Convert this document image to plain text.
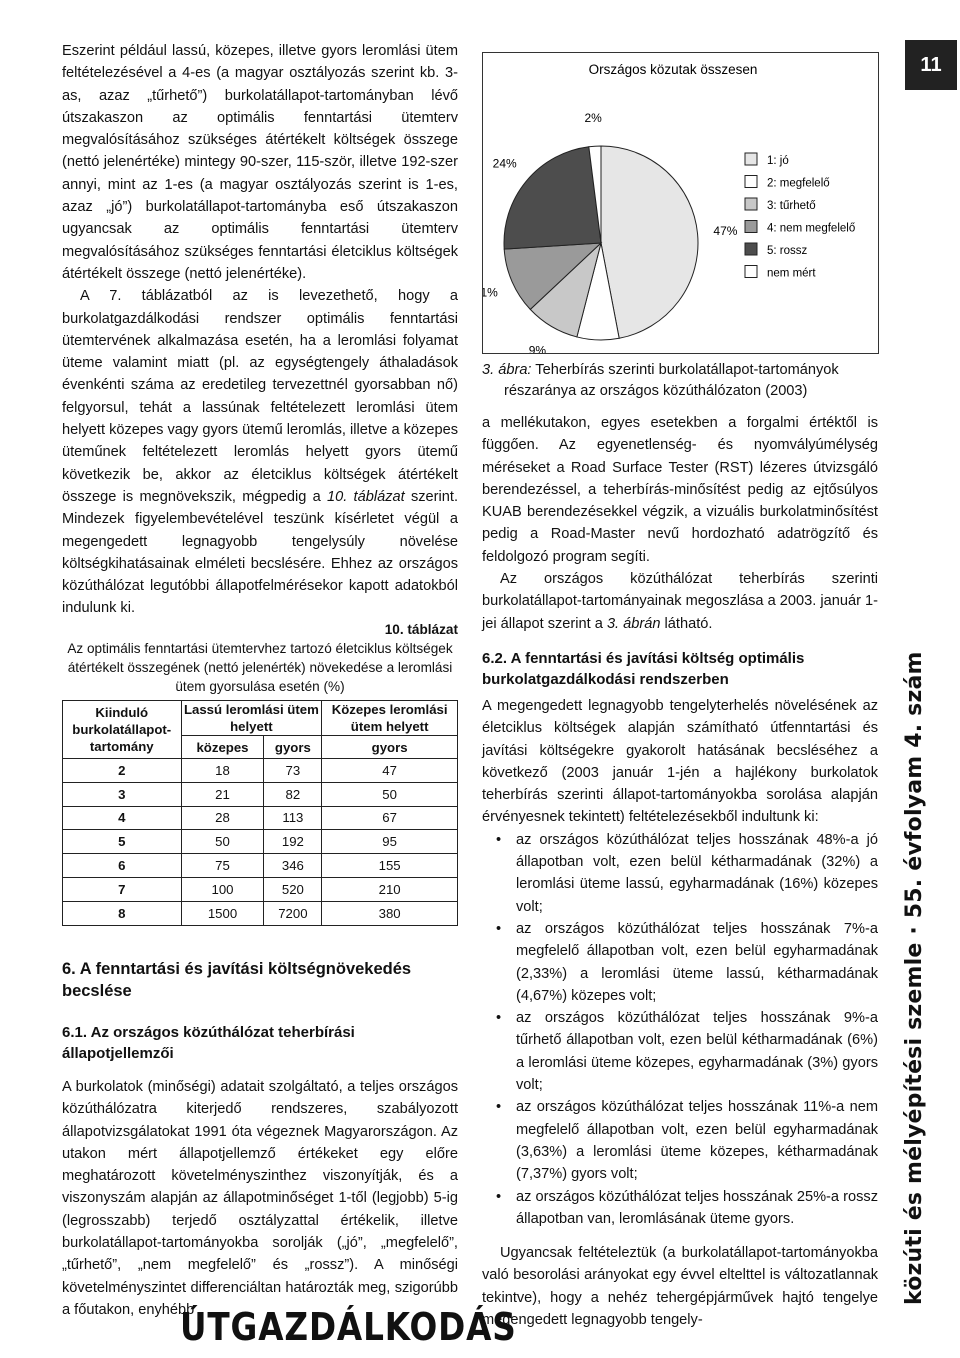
Eszerint például lassú, közepes, illetve gyors leromlási ütem feltételezésével a 4-es (a magyar osztályozás szerint kb. 3-as, azaz „tűrhető”) burkolatállapot-tartományban lévő útszakaszon az optimális fenntartási ütemterv megvalósításához szükséges átértékelt költségek összege (nettó jelenértéke) mintegy 90-szer, 115-ször, illetve 192-szer annyi, mint az 1-es (a magyar osztályozás szerint is 1-es, azaz „jó”) burkolatállapot-tartományba eső útszakaszon ugyancsak az optimális fenntartási ütemterv megvalósításához szükséges fenntartási életciklus költségek átértékelt összege (nettó jelenértéke).

A 7. táblázatból az is levezethető, hogy a burkolatgazdálkodási rendszer optimális fenntartási ütemtervének alkalmazása esetén, ha a leromlási folyamat üteme valamint miatt (pl. az egységtengely áthaladások évenkénti száma az eredetileg tervezettnél gyorsabban nő) felgyorsul, tehát a lassúnak feltételezett leromlási ütem helyett közepes vagy gyors ütemű leromlás, illetve a közepes üteműnek feltételezett leromlás helyett gyors ütemű következik be, akkor az életciklus költségek átértékelt összege is megnövekszik, mégpedig a 10. táblázat szerint. Mindezek figyelembevételével teszünk kísérletet végül a megengedett legnagyobb tengelysúly növelése költségkihatásainak elméleti becslésére. Ehhez az országos közúthálózat legutóbbi állapotfelmérésekor kapott adatokból indulunk ki.

10. táblázat
Az optimális fenntartási ütemtervhez tartozó életciklus költségek átértékelt összegének (nettó jelenérték) növekedése a leromlási ütem gyorsulása esetén (%)
Kiinduló burkolatállapot-tartomány	Lassú leromlási ütem helyett		Közepes leromlási ütem helyett
	közepes	gyors	gyors
2	18	73	47
3	21	82	50
4	28	113	67
5	50	192	95
6	75	346	155
7	100	520	210
8	1500	7200	380
6. A fenntartási és javítási költségnövekedés becslése
6.1. Az országos közúthálózat teherbírási állapotjellemzői
A burkolatok (minőségi) adatait szolgáltató, a teljes országos közúthálózatra kiterjedő rendszeres, szabályozott állapotvizsgálatokat 1991 óta végeznek Magyarországon. Az utakon mért állapotjellemző értékeket egy előre meghatározott követelményszinthez viszonyítják, és a viszonyszám alapján az állapotminőséget 1-től (legjobb) 5-ig (legrosszabb) terjedő osztályzattal értékelik, illetve burkolatállapot-tartományokba sorolják („jó”, „megfelelő”, „tűrhető”, „nem megfelelő” és „rossz”). A minőségi követelményszintet differenciáltan határozták meg, szigorúbb a főutakon, enyhébb
ÚTGAZDÁLKODÁS
Országos közutak összesen
47%
9%
1%
24%
2%
1: jó
2: megfelelő
3: tűrhető
4: nem megfelelő
5: rossz
nem mért
3. ábra: Teherbírás szerinti burkolatállapot-tartományok
részaránya az országos közúthálózaton (2003)

a mellékutakon, egyes esetekben a forgalmi értéktől is függően. Az egyenetlenség- és nyomvályúmélység méréseket a Road Surface Tester (RST) lézeres útvizsgáló berendezéssel, a teherbírás-minősítést pedig az ejtősúlyos KUAB berendezésekkel végzik, a vizuális burkolatminősítést pedig a Road-Master nevű hordozható adatrögzítő és feldolgozó program segíti.

Az országos közúthálózat teherbírás szerinti burkolatállapot-tartományainak megoszlása a 2003. január 1-jei állapot szerint a 3. ábrán látható.

6.2. A fenntartási és javítási költség optimális burkolatgazdálkodási rendszerben

A megengedett legnagyobb tengelyterhelés növelésének az életciklus költségek alapján számítható útfenntartási és javítási költségekre gyakorolt hatásának becsléséhez a következő (2003 január 1-jén a hajlékony burkolatok teherbírás szerinti állapot-tartományokba sorolása alapján érvényesnek tekintett) feltételezésekből indultunk ki:

• az országos közúthálózat teljes hosszának 48%-a jó állapotban volt, ezen belül kétharmadának (32%) a leromlási üteme lassú, egyharmadának (16%) közepes volt;
• az országos közúthálózat teljes hosszának 7%-a megfelelő állapotban volt, ezen belül egyharmadának (2,33%) a leromlási üteme lassú, kétharmadának (4,67%) közepes volt;
• az országos közúthálózat teljes hosszának 9%-a tűrhető állapotban volt, ezen belül kétharmadának (6%) a leromlási üteme közepes, egyharmadának (3%) gyors volt;
• az országos közúthálózat teljes hosszának 11%-a nem megfelelő állapotban volt, ezen belül egyharmadának (3,63%) a leromlási üteme közepes, kétharmadának (7,37%) gyors volt;
• az országos közúthálózat teljes hosszának 25%-a rossz állapotban van, leromlásának üteme gyors.

Ugyancsak feltételeztük (a burkolatállapot-tartományokba való besorolási arányokat egy évvel eltelttel is változatlannak tekintve), hogy a nehéz tehergépjárművek hajtó tengelye megengedett legnagyobb tengely-

11
közúti és mélyépítési szemle · 55. évfolyam 4. szám
